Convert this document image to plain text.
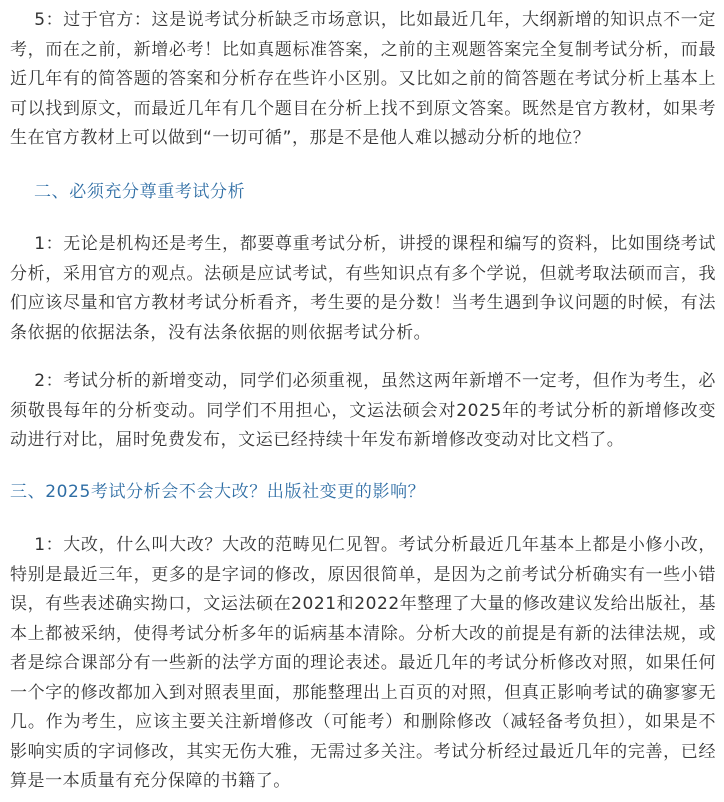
5：过于官方：这是说考试分析缺乏市场意识，比如最近几年，大纲新增的知识点不一定考，而在之前，新增必考！比如真题标准答案，之前的主观题答案完全复制考试分析，而最近几年有的简答题的答案和分析存在些许小区别。又比如之前的简答题在考试分析上基本上可以找到原文，而最近几年有几个题目在分析上找不到原文答案。既然是官方教材，如果考生在官方教材上可以做到“一切可循”，那是不是他人难以撼动分析的地位？

二、必须充分尊重考试分析

1：无论是机构还是考生，都要尊重考试分析，讲授的课程和编写的资料，比如围绕考试分析，采用官方的观点。法硕是应试考试，有些知识点有多个学说，但就考取法硕而言，我们应该尽量和官方教材考试分析看齐，考生要的是分数！当考生遇到争议问题的时候，有法条依据的依据法条，没有法条依据的则依据考试分析。

2：考试分析的新增变动，同学们必须重视，虽然这两年新增不一定考，但作为考生，必须敬畏每年的分析变动。同学们不用担心，文运法硕会对2025年的考试分析的新增修改变动进行对比，届时免费发布，文运已经持续十年发布新增修改变动对比文档了。

三、2025考试分析会不会大改？出版社变更的影响？

1：大改，什么叫大改？大改的范畴见仁见智。考试分析最近几年基本上都是小修小改，特别是最近三年，更多的是字词的修改，原因很简单，是因为之前考试分析确实有一些小错误，有些表述确实拗口，文运法硕在2021和2022年整理了大量的修改建议发给出版社，基本上都被采纳，使得考试分析多年的诟病基本清除。分析大改的前提是有新的法律法规，或者是综合课部分有一些新的法学方面的理论表述。最近几年的考试分析修改对照，如果任何一个字的修改都加入到对照表里面，那能整理出上百页的对照，但真正影响考试的确寥寥无几。作为考生，应该主要关注新增修改（可能考）和删除修改（减轻备考负担），如果是不影响实质的字词修改，其实无伤大雅，无需过多关注。考试分析经过最近几年的完善，已经算是一本质量有充分保障的书籍了。
